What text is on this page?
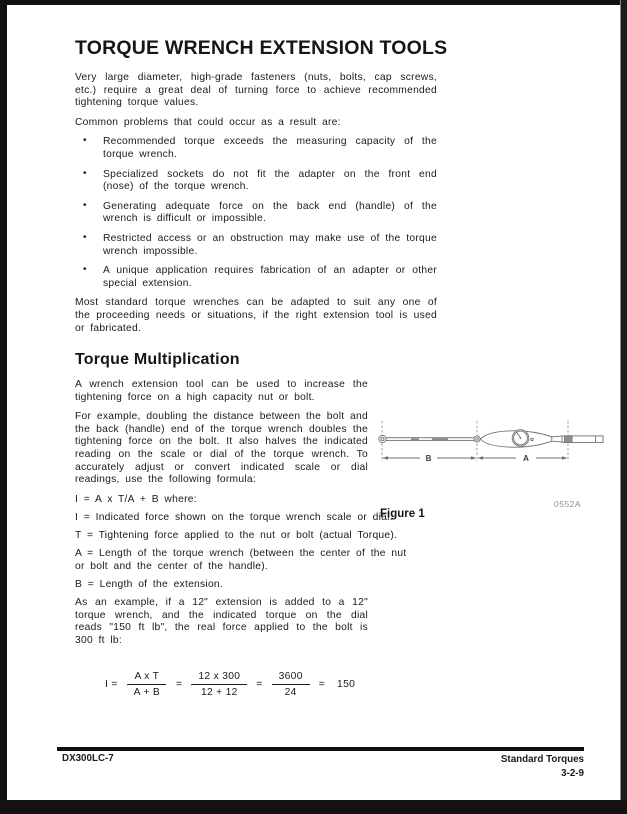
TORQUE WRENCH EXTENSION TOOLS

Very large diameter, high-grade fasteners (nuts, bolts, cap screws, etc.) require a great deal of turning force to achieve recommended tightening torque values.

Common problems that could occur as a result are:

• Recommended torque exceeds the measuring capacity of the torque wrench.
• Specialized sockets do not fit the adapter on the front end (nose) of the torque wrench.
• Generating adequate force on the back end (handle) of the wrench is difficult or impossible.
• Restricted access or an obstruction may make use of the torque wrench impossible.
• A unique application requires fabrication of an adapter or other special extension.

Most standard torque wrenches can be adapted to suit any one of the proceeding needs or situations, if the right extension tool is used or fabricated.

Torque Multiplication

A wrench extension tool can be used to increase the tightening force on a high capacity nut or bolt.

For example, doubling the distance between the bolt and the back (handle) end of the torque wrench doubles the tightening force on the bolt. It also halves the indicated reading on the scale or dial of the torque wrench. To accurately adjust or convert indicated scale or dial readings, use the following formula:

I = A x T/A + B where:

I = Indicated force shown on the torque wrench scale or dial.

T = Tightening force applied to the nut or bolt (actual Torque).

A = Length of the torque wrench (between the center of the nut or bolt and the center of the handle).

B = Length of the extension.

As an example, if a 12" extension is added to a 12" torque wrench, and the indicated torque on the dial reads "150 ft lb", the real force applied to the bolt is 300 ft lb:

$I = \frac{\text{A x T}}{A + B} = \frac{12 x 300}{12 + 12} = \frac{3600}{24} = 150$
B	A
0552A
Figure 1
DX300LC-7	Standard Torques
3-2-9
